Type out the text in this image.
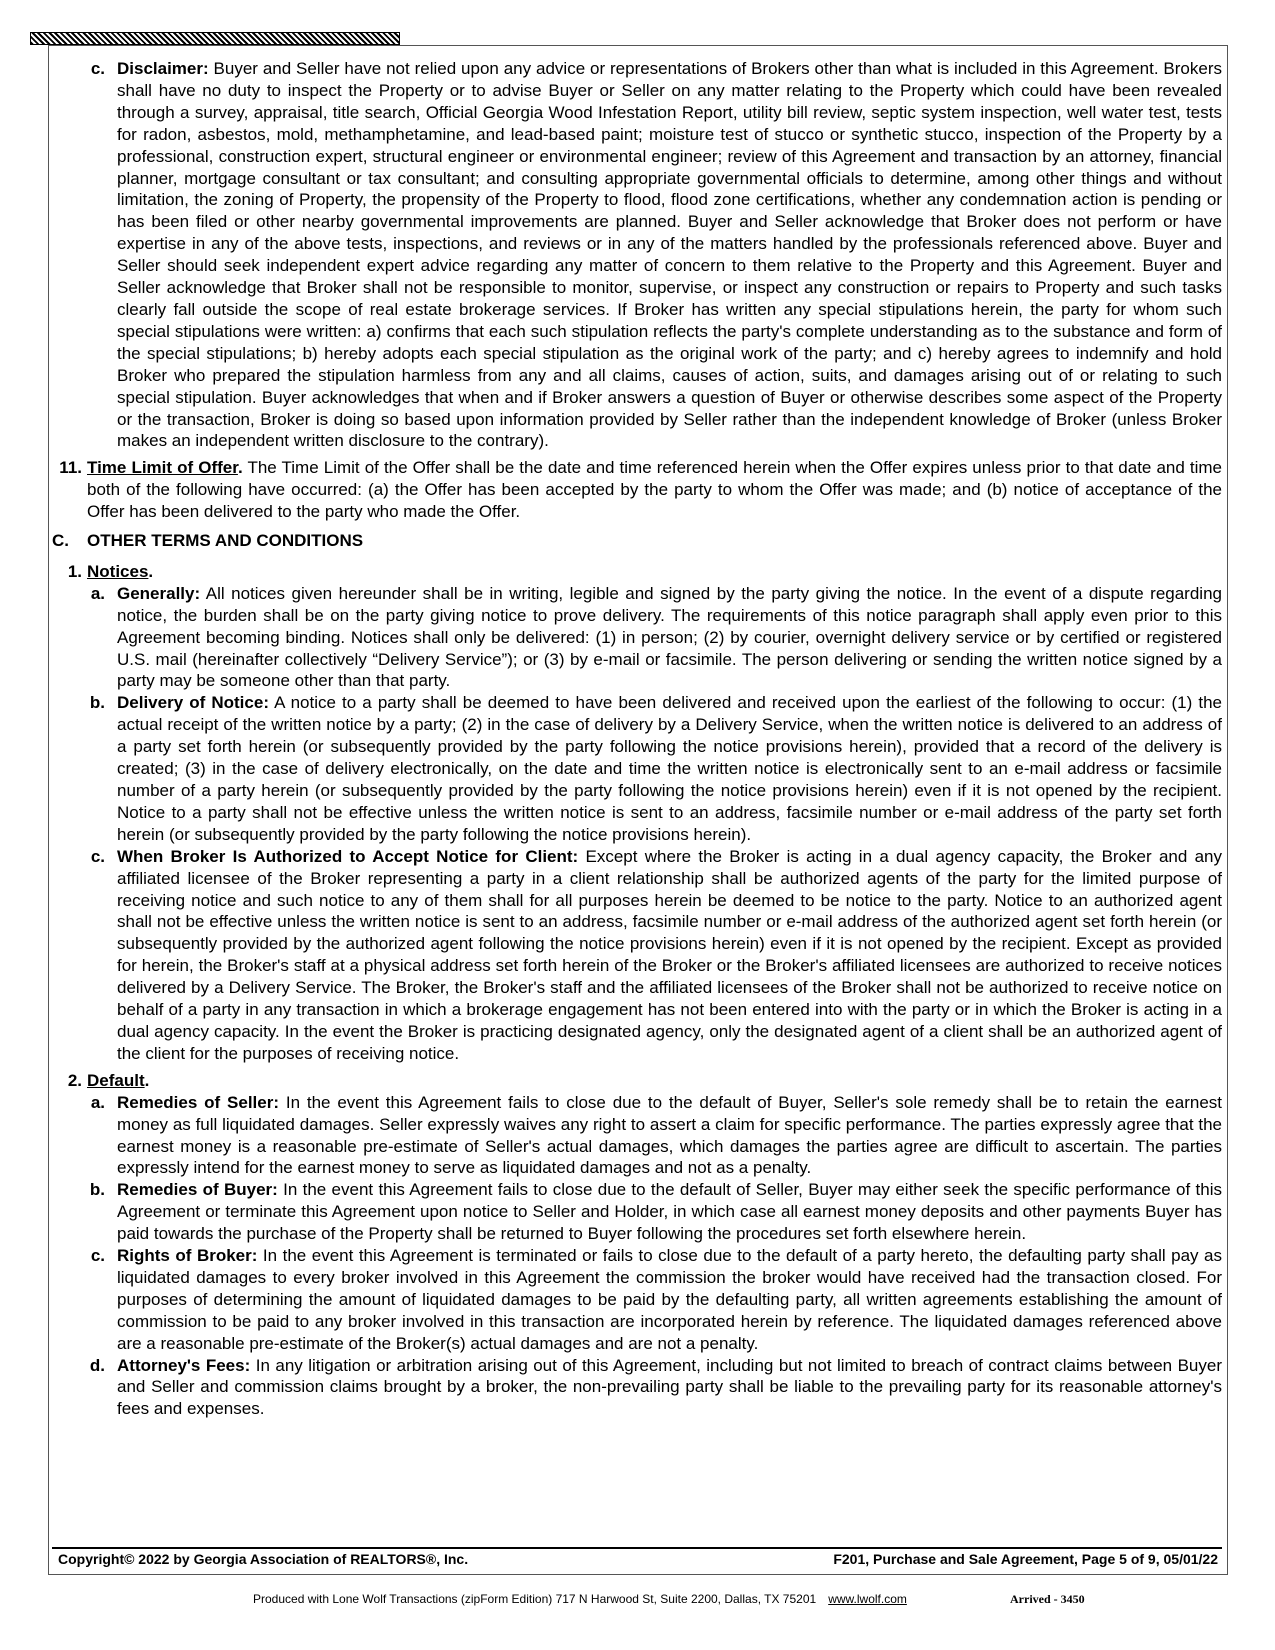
c. Disclaimer: Buyer and Seller have not relied upon any advice or representations of Brokers other than what is included in this Agreement. Brokers shall have no duty to inspect the Property or to advise Buyer or Seller on any matter relating to the Property which could have been revealed through a survey, appraisal, title search, Official Georgia Wood Infestation Report, utility bill review, septic system inspection, well water test, tests for radon, asbestos, mold, methamphetamine, and lead-based paint; moisture test of stucco or synthetic stucco, inspection of the Property by a professional, construction expert, structural engineer or environmental engineer; review of this Agreement and transaction by an attorney, financial planner, mortgage consultant or tax consultant; and consulting appropriate governmental officials to determine, among other things and without limitation, the zoning of Property, the propensity of the Property to flood, flood zone certifications, whether any condemnation action is pending or has been filed or other nearby governmental improvements are planned. Buyer and Seller acknowledge that Broker does not perform or have expertise in any of the above tests, inspections, and reviews or in any of the matters handled by the professionals referenced above. Buyer and Seller should seek independent expert advice regarding any matter of concern to them relative to the Property and this Agreement. Buyer and Seller acknowledge that Broker shall not be responsible to monitor, supervise, or inspect any construction or repairs to Property and such tasks clearly fall outside the scope of real estate brokerage services. If Broker has written any special stipulations herein, the party for whom such special stipulations were written: a) confirms that each such stipulation reflects the party's complete understanding as to the substance and form of the special stipulations; b) hereby adopts each special stipulation as the original work of the party; and c) hereby agrees to indemnify and hold Broker who prepared the stipulation harmless from any and all claims, causes of action, suits, and damages arising out of or relating to such special stipulation. Buyer acknowledges that when and if Broker answers a question of Buyer or otherwise describes some aspect of the Property or the transaction, Broker is doing so based upon information provided by Seller rather than the independent knowledge of Broker (unless Broker makes an independent written disclosure to the contrary).
11. Time Limit of Offer. The Time Limit of the Offer shall be the date and time referenced herein when the Offer expires unless prior to that date and time both of the following have occurred: (a) the Offer has been accepted by the party to whom the Offer was made; and (b) notice of acceptance of the Offer has been delivered to the party who made the Offer.
C. OTHER TERMS AND CONDITIONS
1. Notices.
a. Generally: All notices given hereunder shall be in writing, legible and signed by the party giving the notice. In the event of a dispute regarding notice, the burden shall be on the party giving notice to prove delivery. The requirements of this notice paragraph shall apply even prior to this Agreement becoming binding. Notices shall only be delivered: (1) in person; (2) by courier, overnight delivery service or by certified or registered U.S. mail (hereinafter collectively “Delivery Service”); or (3) by e-mail or facsimile. The person delivering or sending the written notice signed by a party may be someone other than that party.
b. Delivery of Notice: A notice to a party shall be deemed to have been delivered and received upon the earliest of the following to occur: (1) the actual receipt of the written notice by a party; (2) in the case of delivery by a Delivery Service, when the written notice is delivered to an address of a party set forth herein (or subsequently provided by the party following the notice provisions herein), provided that a record of the delivery is created; (3) in the case of delivery electronically, on the date and time the written notice is electronically sent to an e-mail address or facsimile number of a party herein (or subsequently provided by the party following the notice provisions herein) even if it is not opened by the recipient. Notice to a party shall not be effective unless the written notice is sent to an address, facsimile number or e-mail address of the party set forth herein (or subsequently provided by the party following the notice provisions herein).
c. When Broker Is Authorized to Accept Notice for Client: Except where the Broker is acting in a dual agency capacity, the Broker and any affiliated licensee of the Broker representing a party in a client relationship shall be authorized agents of the party for the limited purpose of receiving notice and such notice to any of them shall for all purposes herein be deemed to be notice to the party. Notice to an authorized agent shall not be effective unless the written notice is sent to an address, facsimile number or e-mail address of the authorized agent set forth herein (or subsequently provided by the authorized agent following the notice provisions herein) even if it is not opened by the recipient. Except as provided for herein, the Broker's staff at a physical address set forth herein of the Broker or the Broker's affiliated licensees are authorized to receive notices delivered by a Delivery Service. The Broker, the Broker's staff and the affiliated licensees of the Broker shall not be authorized to receive notice on behalf of a party in any transaction in which a brokerage engagement has not been entered into with the party or in which the Broker is acting in a dual agency capacity. In the event the Broker is practicing designated agency, only the designated agent of a client shall be an authorized agent of the client for the purposes of receiving notice.
2. Default.
a. Remedies of Seller: In the event this Agreement fails to close due to the default of Buyer, Seller's sole remedy shall be to retain the earnest money as full liquidated damages. Seller expressly waives any right to assert a claim for specific performance. The parties expressly agree that the earnest money is a reasonable pre-estimate of Seller's actual damages, which damages the parties agree are difficult to ascertain. The parties expressly intend for the earnest money to serve as liquidated damages and not as a penalty.
b. Remedies of Buyer: In the event this Agreement fails to close due to the default of Seller, Buyer may either seek the specific performance of this Agreement or terminate this Agreement upon notice to Seller and Holder, in which case all earnest money deposits and other payments Buyer has paid towards the purchase of the Property shall be returned to Buyer following the procedures set forth elsewhere herein.
c. Rights of Broker: In the event this Agreement is terminated or fails to close due to the default of a party hereto, the defaulting party shall pay as liquidated damages to every broker involved in this Agreement the commission the broker would have received had the transaction closed. For purposes of determining the amount of liquidated damages to be paid by the defaulting party, all written agreements establishing the amount of commission to be paid to any broker involved in this transaction are incorporated herein by reference. The liquidated damages referenced above are a reasonable pre-estimate of the Broker(s) actual damages and are not a penalty.
d. Attorney's Fees: In any litigation or arbitration arising out of this Agreement, including but not limited to breach of contract claims between Buyer and Seller and commission claims brought by a broker, the non-prevailing party shall be liable to the prevailing party for its reasonable attorney's fees and expenses.
Copyright© 2022 by Georgia Association of REALTORS®, Inc.	F201, Purchase and Sale Agreement, Page 5 of 9, 05/01/22
Produced with Lone Wolf Transactions (zipForm Edition) 717 N Harwood St, Suite 2200, Dallas, TX 75201 www.lwolf.com	Arrived - 3450
